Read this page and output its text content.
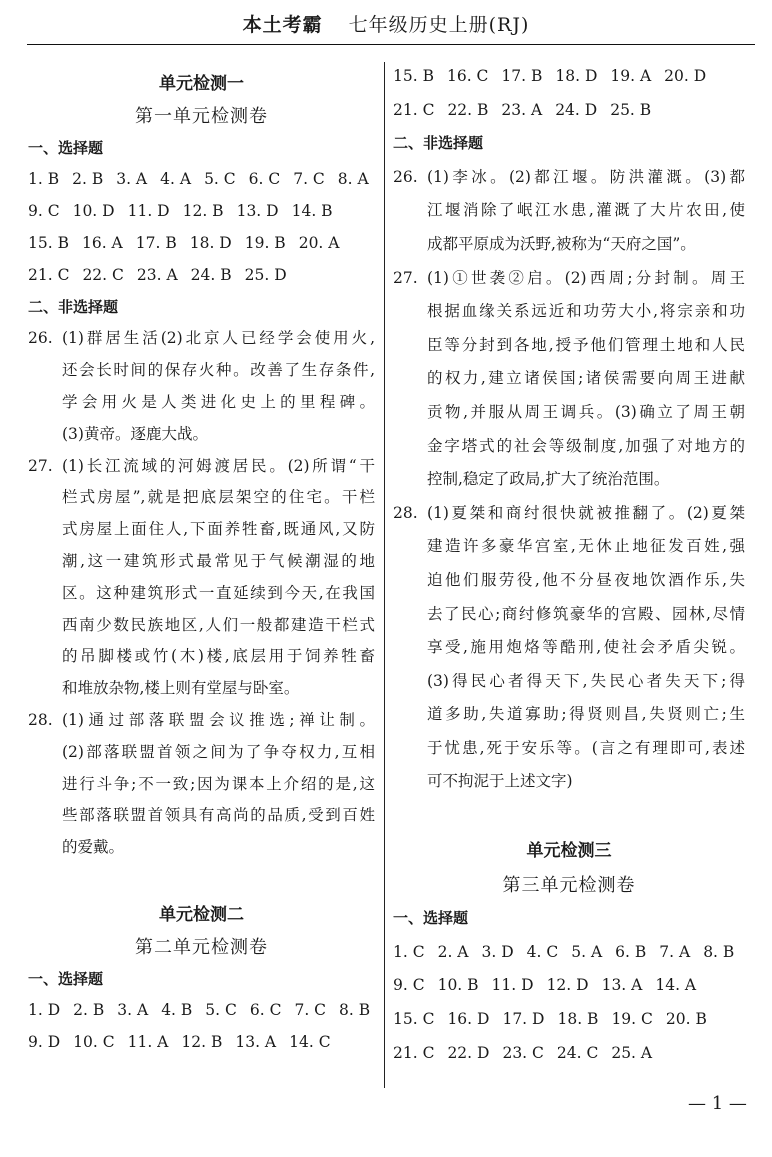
本土考霸 七年级历史上册(RJ)
单元检测一
第一单元检测卷
一、选择题
1. B 2. B 3. A 4. A 5. C 6. C 7. C 8. A
9. C 10. D 11. D 12. B 13. D 14. B
15. B 16. A 17. B 18. D 19. B 20. A
21. C 22. C 23. A 24. B 25. D
二、非选择题
26. (1)群居生活(2)北京人已经学会使用火,
还会长时间的保存火种。改善了生存条件,
学会用火是人类进化史上的里程碑。
(3)黄帝。逐鹿大战。
27. (1)长江流域的河姆渡居民。(2)所谓“干
栏式房屋”,就是把底层架空的住宅。干栏
式房屋上面住人,下面养牲畜,既通风,又防
潮,这一建筑形式最常见于气候潮湿的地
区。这种建筑形式一直延续到今天,在我国
西南少数民族地区,人们一般都建造干栏式
的吊脚楼或竹(木)楼,底层用于饲养牲畜
和堆放杂物,楼上则有堂屋与卧室。
28. (1)通过部落联盟会议推选;禅让制。
(2)部落联盟首领之间为了争夺权力,互相
进行斗争;不一致;因为课本上介绍的是,这
些部落联盟首领具有高尚的品质,受到百姓
的爱戴。
单元检测二
第二单元检测卷
一、选择题
1. D 2. B 3. A 4. B 5. C 6. C 7. C 8. B
9. D 10. C 11. A 12. B 13. A 14. C
15. B 16. C 17. B 18. D 19. A 20. D
21. C 22. B 23. A 24. D 25. B
二、非选择题
26. (1)李冰。(2)都江堰。防洪灌溉。(3)都
江堰消除了岷江水患,灌溉了大片农田,使
成都平原成为沃野,被称为“天府之国”。
27. (1)①世袭②启。(2)西周;分封制。周王
根据血缘关系远近和功劳大小,将宗亲和功
臣等分封到各地,授予他们管理土地和人民
的权力,建立诸侯国;诸侯需要向周王进献
贡物,并服从周王调兵。(3)确立了周王朝
金字塔式的社会等级制度,加强了对地方的
控制,稳定了政局,扩大了统治范围。
28. (1)夏桀和商纣很快就被推翻了。(2)夏桀
建造许多豪华宫室,无休止地征发百姓,强
迫他们服劳役,他不分昼夜地饮酒作乐,失
去了民心;商纣修筑豪华的宫殿、园林,尽情
享受,施用炮烙等酷刑,使社会矛盾尖锐。
(3)得民心者得天下,失民心者失天下;得
道多助,失道寡助;得贤则昌,失贤则亡;生
于忧患,死于安乐等。(言之有理即可,表述
可不拘泥于上述文字)
单元检测三
第三单元检测卷
一、选择题
1. C 2. A 3. D 4. C 5. A 6. B 7. A 8. B
9. C 10. B 11. D 12. D 13. A 14. A
15. C 16. D 17. D 18. B 19. C 20. B
21. C 22. D 23. C 24. C 25. A
— 1 —
